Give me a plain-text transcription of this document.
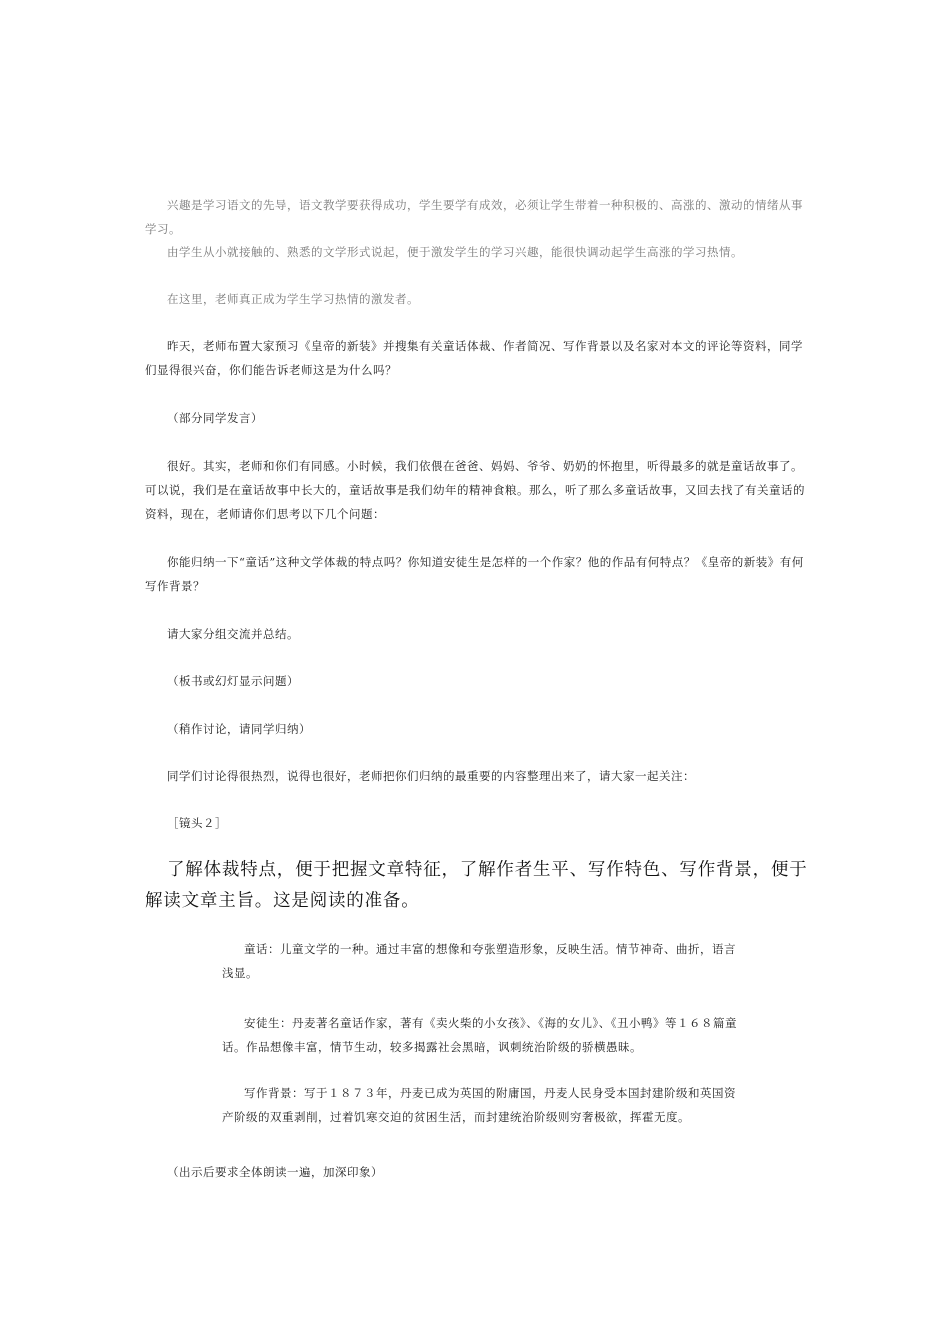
兴趣是学习语文的先导，语文教学要获得成功，学生要学有成效，必须让学生带着一种积极的、高涨的、激动的情绪从事学习。

由学生从小就接触的、熟悉的文学形式说起，便于激发学生的学习兴趣，能很快调动起学生高涨的学习热情。

在这里，老师真正成为学生学习热情的激发者。

昨天，老师布置大家预习《皇帝的新装》并搜集有关童话体裁、作者简况、写作背景以及名家对本文的评论等资料，同学们显得很兴奋，你们能告诉老师这是为什么吗？

（部分同学发言）

很好。其实，老师和你们有同感。小时候，我们依偎在爸爸、妈妈、爷爷、奶奶的怀抱里，听得最多的就是童话故事了。可以说，我们是在童话故事中长大的，童话故事是我们幼年的精神食粮。那么，听了那么多童话故事，又回去找了有关童话的资料，现在，老师请你们思考以下几个问题：

你能归纳一下“童话”这种文学体裁的特点吗？你知道安徒生是怎样的一个作家？他的作品有何特点？《皇帝的新装》有何写作背景？

请大家分组交流并总结。

（板书或幻灯显示问题）

（稍作讨论，请同学归纳）

同学们讨论得很热烈，说得也很好，老师把你们归纳的最重要的内容整理出来了，请大家一起关注：

［镜头２］

了解体裁特点，便于把握文章特征，了解作者生平、写作特色、写作背景，便于解读文章主旨。这是阅读的准备。

童话：儿童文学的一种。通过丰富的想像和夸张塑造形象，反映生活。情节神奇、曲折，语言浅显。

安徒生：丹麦著名童话作家，著有《卖火柴的小女孩》、《海的女儿》、《丑小鸭》等１６８篇童话。作品想像丰富，情节生动，较多揭露社会黑暗，讽刺统治阶级的骄横愚昧。

写作背景：写于１８７３年，丹麦已成为英国的附庸国，丹麦人民身受本国封建阶级和英国资产阶级的双重剥削，过着饥寒交迫的贫困生活，而封建统治阶级则穷奢极欲，挥霍无度。

（出示后要求全体朗读一遍，加深印象）
